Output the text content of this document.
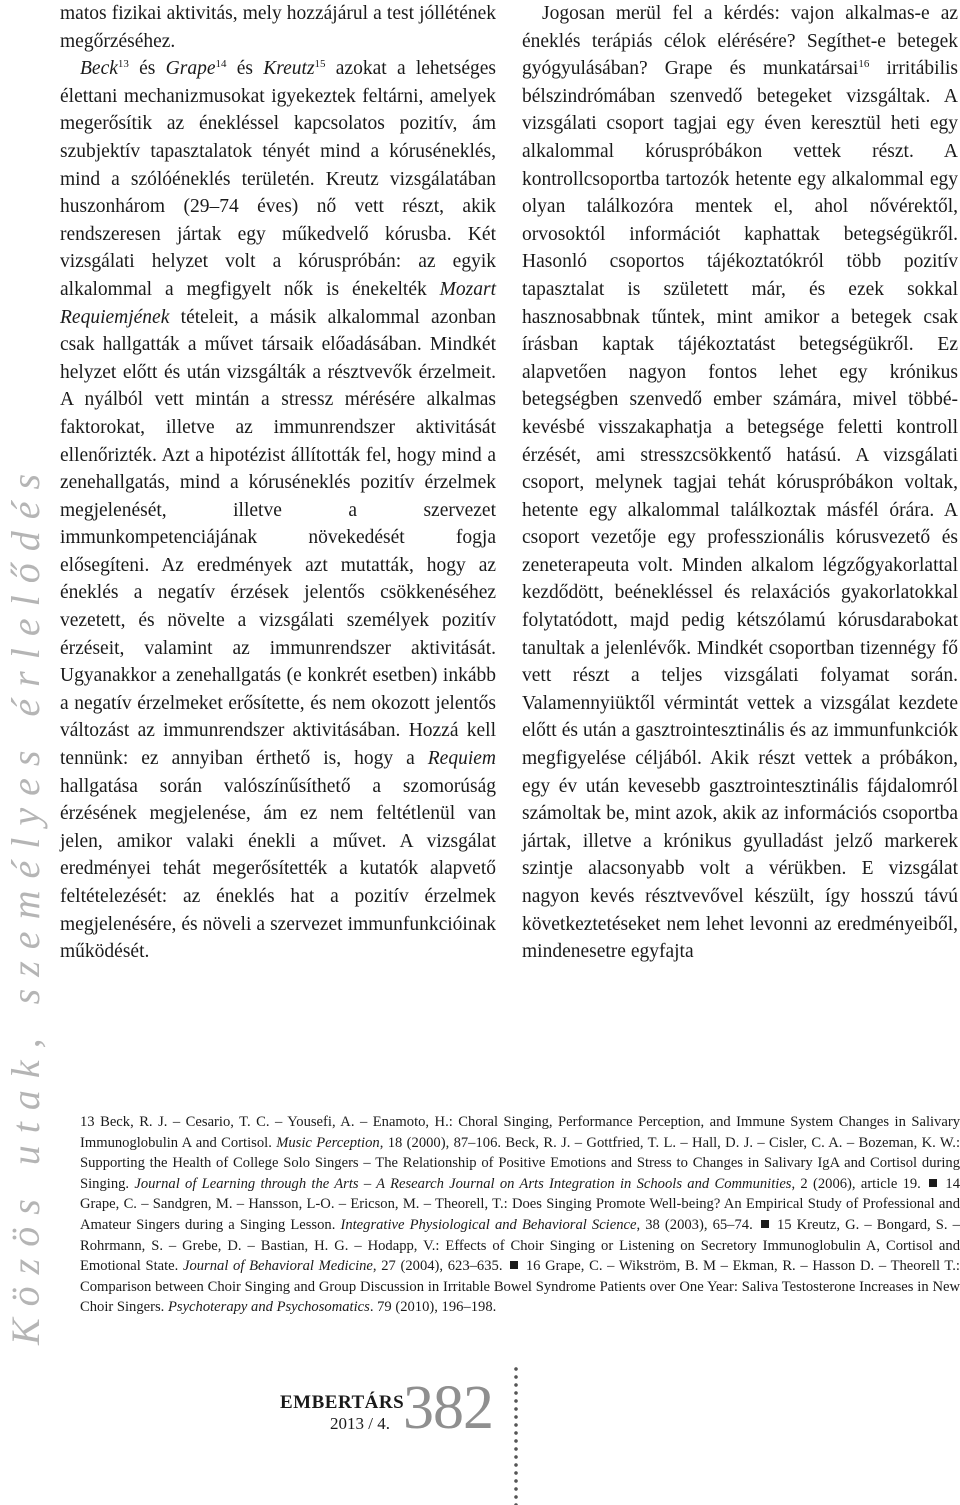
Közös utak, személyes érlelődés

matos fizikai aktivitás, mely hozzájárul a test jóllétének megőrzéséhez.

Beck$^{13}$ és Grape$^{14}$ és Kreutz$^{15}$ azokat a lehetséges élettani mechanizmusokat igyekeztek feltárni, amelyek megerősítik az énekléssel kapcsolatos pozitív, ám szubjektív tapasztalatok tényét mind a kóruséneklés, mind a szólóéneklés területén. Kreutz vizsgálatában huszonhárom (29–74 éves) nő vett részt, akik rendszeresen jártak egy műkedvelő kórusba. Két vizsgálati helyzet volt a kóruspróbán: az egyik alkalommal a megfigyelt nők is énekelték Mozart Requiemjének tételeit, a másik alkalommal azonban csak hallgatták a művet társaik előadásában. Mindkét helyzet előtt és után vizsgálták a résztvevők érzelmeit. A nyálból vett mintán a stressz mérésére alkalmas faktorokat, illetve az immunrendszer aktivitását ellenőrizték. Azt a hipotézist állították fel, hogy mind a zenehallgatás, mind a kóruséneklés pozitív érzelmek megjelenését, illetve a szervezet immunkompetenciájának növekedését fogja elősegíteni. Az eredmények azt mutatták, hogy az éneklés a negatív érzések jelentős csökkenéséhez vezetett, és növelte a vizsgálati személyek pozitív érzéseit, valamint az immunrendszer aktivitását. Ugyanakkor a zenehallgatás (e konkrét esetben) inkább a negatív érzelmeket erősítette, és nem okozott jelentős változást az immunrendszer aktivitásában. Hozzá kell tennünk: ez annyiban érthető is, hogy a Requiem hallgatása során valószínűsíthető a szomorúság érzésének megjelenése, ám ez nem feltétlenül van jelen, amikor valaki énekli a művet. A vizsgálat eredményei tehát megerősítették a kutatók alapvető feltételezését: az éneklés hat a pozitív érzelmek megjelenésére, és növeli a szervezet immunfunkcióinak működését.

Jogosan merül fel a kérdés: vajon alkalmas-e az éneklés terápiás célok elérésére? Segíthet-e betegek gyógyulásában? Grape és munkatársai$^{16}$ irritábilis bélszindrómában szenvedő betegeket vizsgáltak. A vizsgálati csoport tagjai egy éven keresztül heti egy alkalommal kóruspróbákon vettek részt. A kontrollcsoportba tartozók hetente egy alkalommal egy olyan találkozóra mentek el, ahol nővérektől, orvosoktól információt kaphattak betegségükről. Hasonló csoportos tájékoztatókról több pozitív tapasztalat is született már, és ezek sokkal hasznosabbnak tűntek, mint amikor a betegek csak írásban kaptak tájékoztatást betegségükről. Ez alapvetően nagyon fontos lehet egy krónikus betegségben szenvedő ember számára, mivel többé-kevésbé visszakaphatja a betegsége feletti kontroll érzését, ami stresszcsökkentő hatású. A vizsgálati csoport, melynek tagjai tehát kóruspróbákon voltak, hetente egy alkalommal találkoztak másfél órára. A csoport vezetője egy professzionális kórusvezető és zeneterapeuta volt. Minden alkalom légzőgyakorlattal kezdődött, beénekléssel és relaxációs gyakorlatokkal folytatódott, majd pedig kétszólamú kórusdarabokat tanultak a jelenlévők. Mindkét csoportban tizennégy fő vett részt a teljes vizsgálati folyamat során. Valamennyiüktől vérmintát vettek a vizsgálat kezdete előtt és után a gasztrointesztinális és az immunfunkciók megfigyelése céljából. Akik részt vettek a próbákon, egy év után kevesebb gasztrointesztinális fájdalomról számoltak be, mint azok, akik az információs csoportba jártak, illetve a krónikus gyulladást jelző markerek szintje alacsonyabb volt a vérükben. E vizsgálat nagyon kevés résztvevővel készült, így hosszú távú következtetéseket nem lehet levonni az eredményeiből, mindenesetre egyfajta

13 Beck, R. J. – Cesario, T. C. – Yousefi, A. – Enamoto, H.: Choral Singing, Performance Perception, and Immune System Changes in Salivary Immunoglobulin A and Cortisol. Music Perception, 18 (2000), 87–106. Beck, R. J. – Gottfried, T. L. – Hall, D. J. – Cisler, C. A. – Bozeman, K. W.: Supporting the Health of College Solo Singers – The Relationship of Positive Emotions and Stress to Changes in Salivary IgA and Cortisol during Singing. Journal of Learning through the Arts – A Research Journal on Arts Integration in Schools and Communities, 2 (2006), article 19. 14 Grape, C. – Sandgren, M. – Hansson, L-O. – Ericson, M. – Theorell, T.: Does Singing Promote Well-being? An Empirical Study of Professional and Amateur Singers during a Singing Lesson. Integrative Physiological and Behavioral Science, 38 (2003), 65–74. 15 Kreutz, G. – Bongard, S. – Rohrmann, S. – Grebe, D. – Bastian, H. G. – Hodapp, V.: Effects of Choir Singing or Listening on Secretory Immunoglobulin A, Cortisol and Emotional State. Journal of Behavioral Medicine, 27 (2004), 623–635. 16 Grape, C. – Wikström, B. M – Ekman, R. – Hasson D. – Theorell T.: Comparison between Choir Singing and Group Discussion in Irritable Bowel Syndrome Patients over One Year: Saliva Testosterone Increases in New Choir Singers. Psychoterapy and Psychosomatics. 79 (2010), 196–198.
EMBERTÁRS
2013 / 4. 382
